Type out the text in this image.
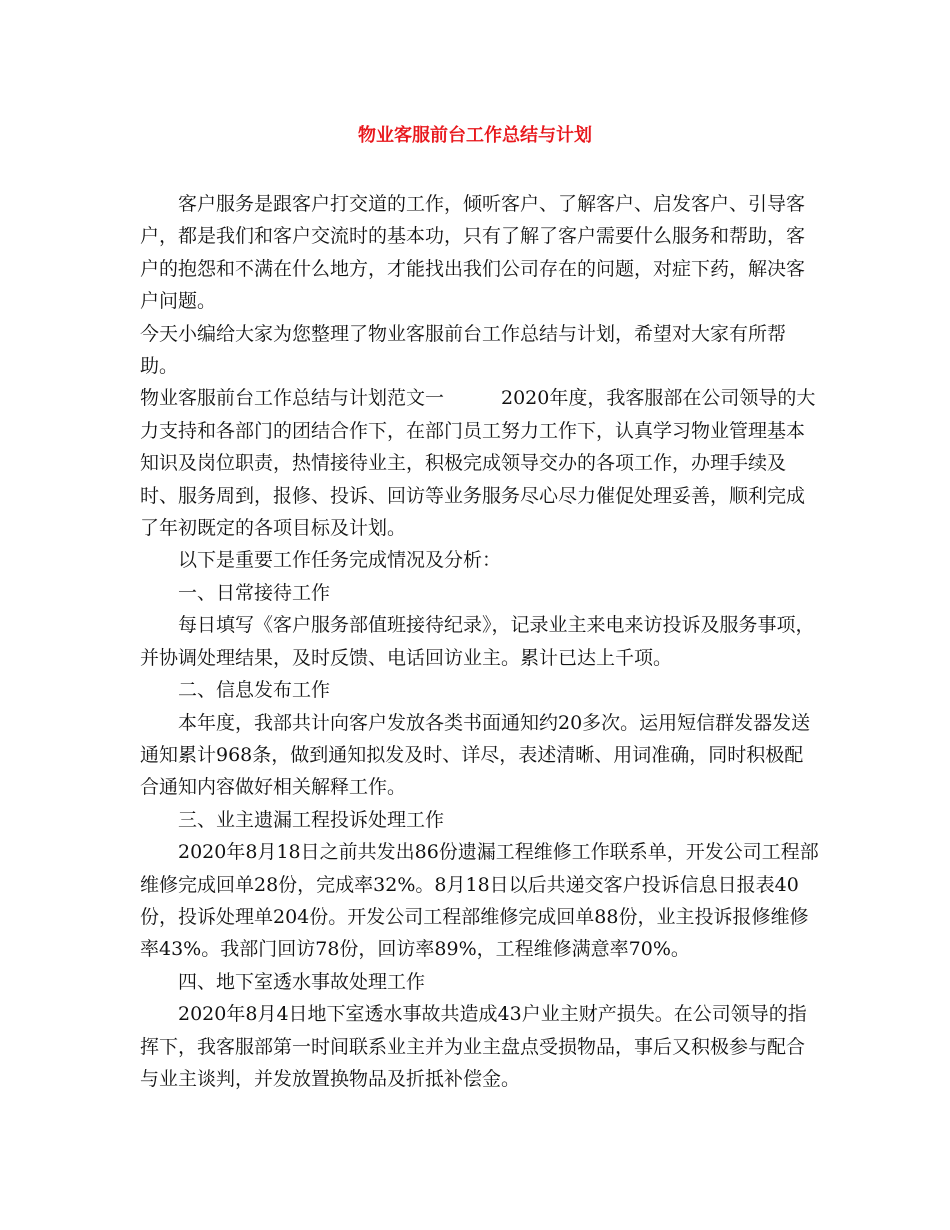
物业客服前台工作总结与计划

客户服务是跟客户打交道的工作，倾听客户、了解客户、启发客户、引导客户，都是我们和客户交流时的基本功，只有了解了客户需要什么服务和帮助，客户的抱怨和不满在什么地方，才能找出我们公司存在的问题，对症下药，解决客户问题。

今天小编给大家为您整理了物业客服前台工作总结与计划，希望对大家有所帮助。

物业客服前台工作总结与计划范文一　　　2020年度，我客服部在公司领导的大力支持和各部门的团结合作下，在部门员工努力工作下，认真学习物业管理基本知识及岗位职责，热情接待业主，积极完成领导交办的各项工作，办理手续及时、服务周到，报修、投诉、回访等业务服务尽心尽力催促处理妥善，顺利完成了年初既定的各项目标及计划。

以下是重要工作任务完成情况及分析：

一、日常接待工作

每日填写《客户服务部值班接待纪录》，记录业主来电来访投诉及服务事项，并协调处理结果，及时反馈、电话回访业主。累计已达上千项。

二、信息发布工作

本年度，我部共计向客户发放各类书面通知约20多次。运用短信群发器发送通知累计968条，做到通知拟发及时、详尽，表述清晰、用词准确，同时积极配合通知内容做好相关解释工作。

三、业主遗漏工程投诉处理工作

2020年8月18日之前共发出86份遗漏工程维修工作联系单，开发公司工程部维修完成回单28份，完成率32%。8月18日以后共递交客户投诉信息日报表40份，投诉处理单204份。开发公司工程部维修完成回单88份，业主投诉报修维修率43%。我部门回访78份，回访率89%，工程维修满意率70%。

四、地下室透水事故处理工作

2020年8月4日地下室透水事故共造成43户业主财产损失。在公司领导的指挥下，我客服部第一时间联系业主并为业主盘点受损物品，事后又积极参与配合与业主谈判，并发放置换物品及折抵补偿金。
